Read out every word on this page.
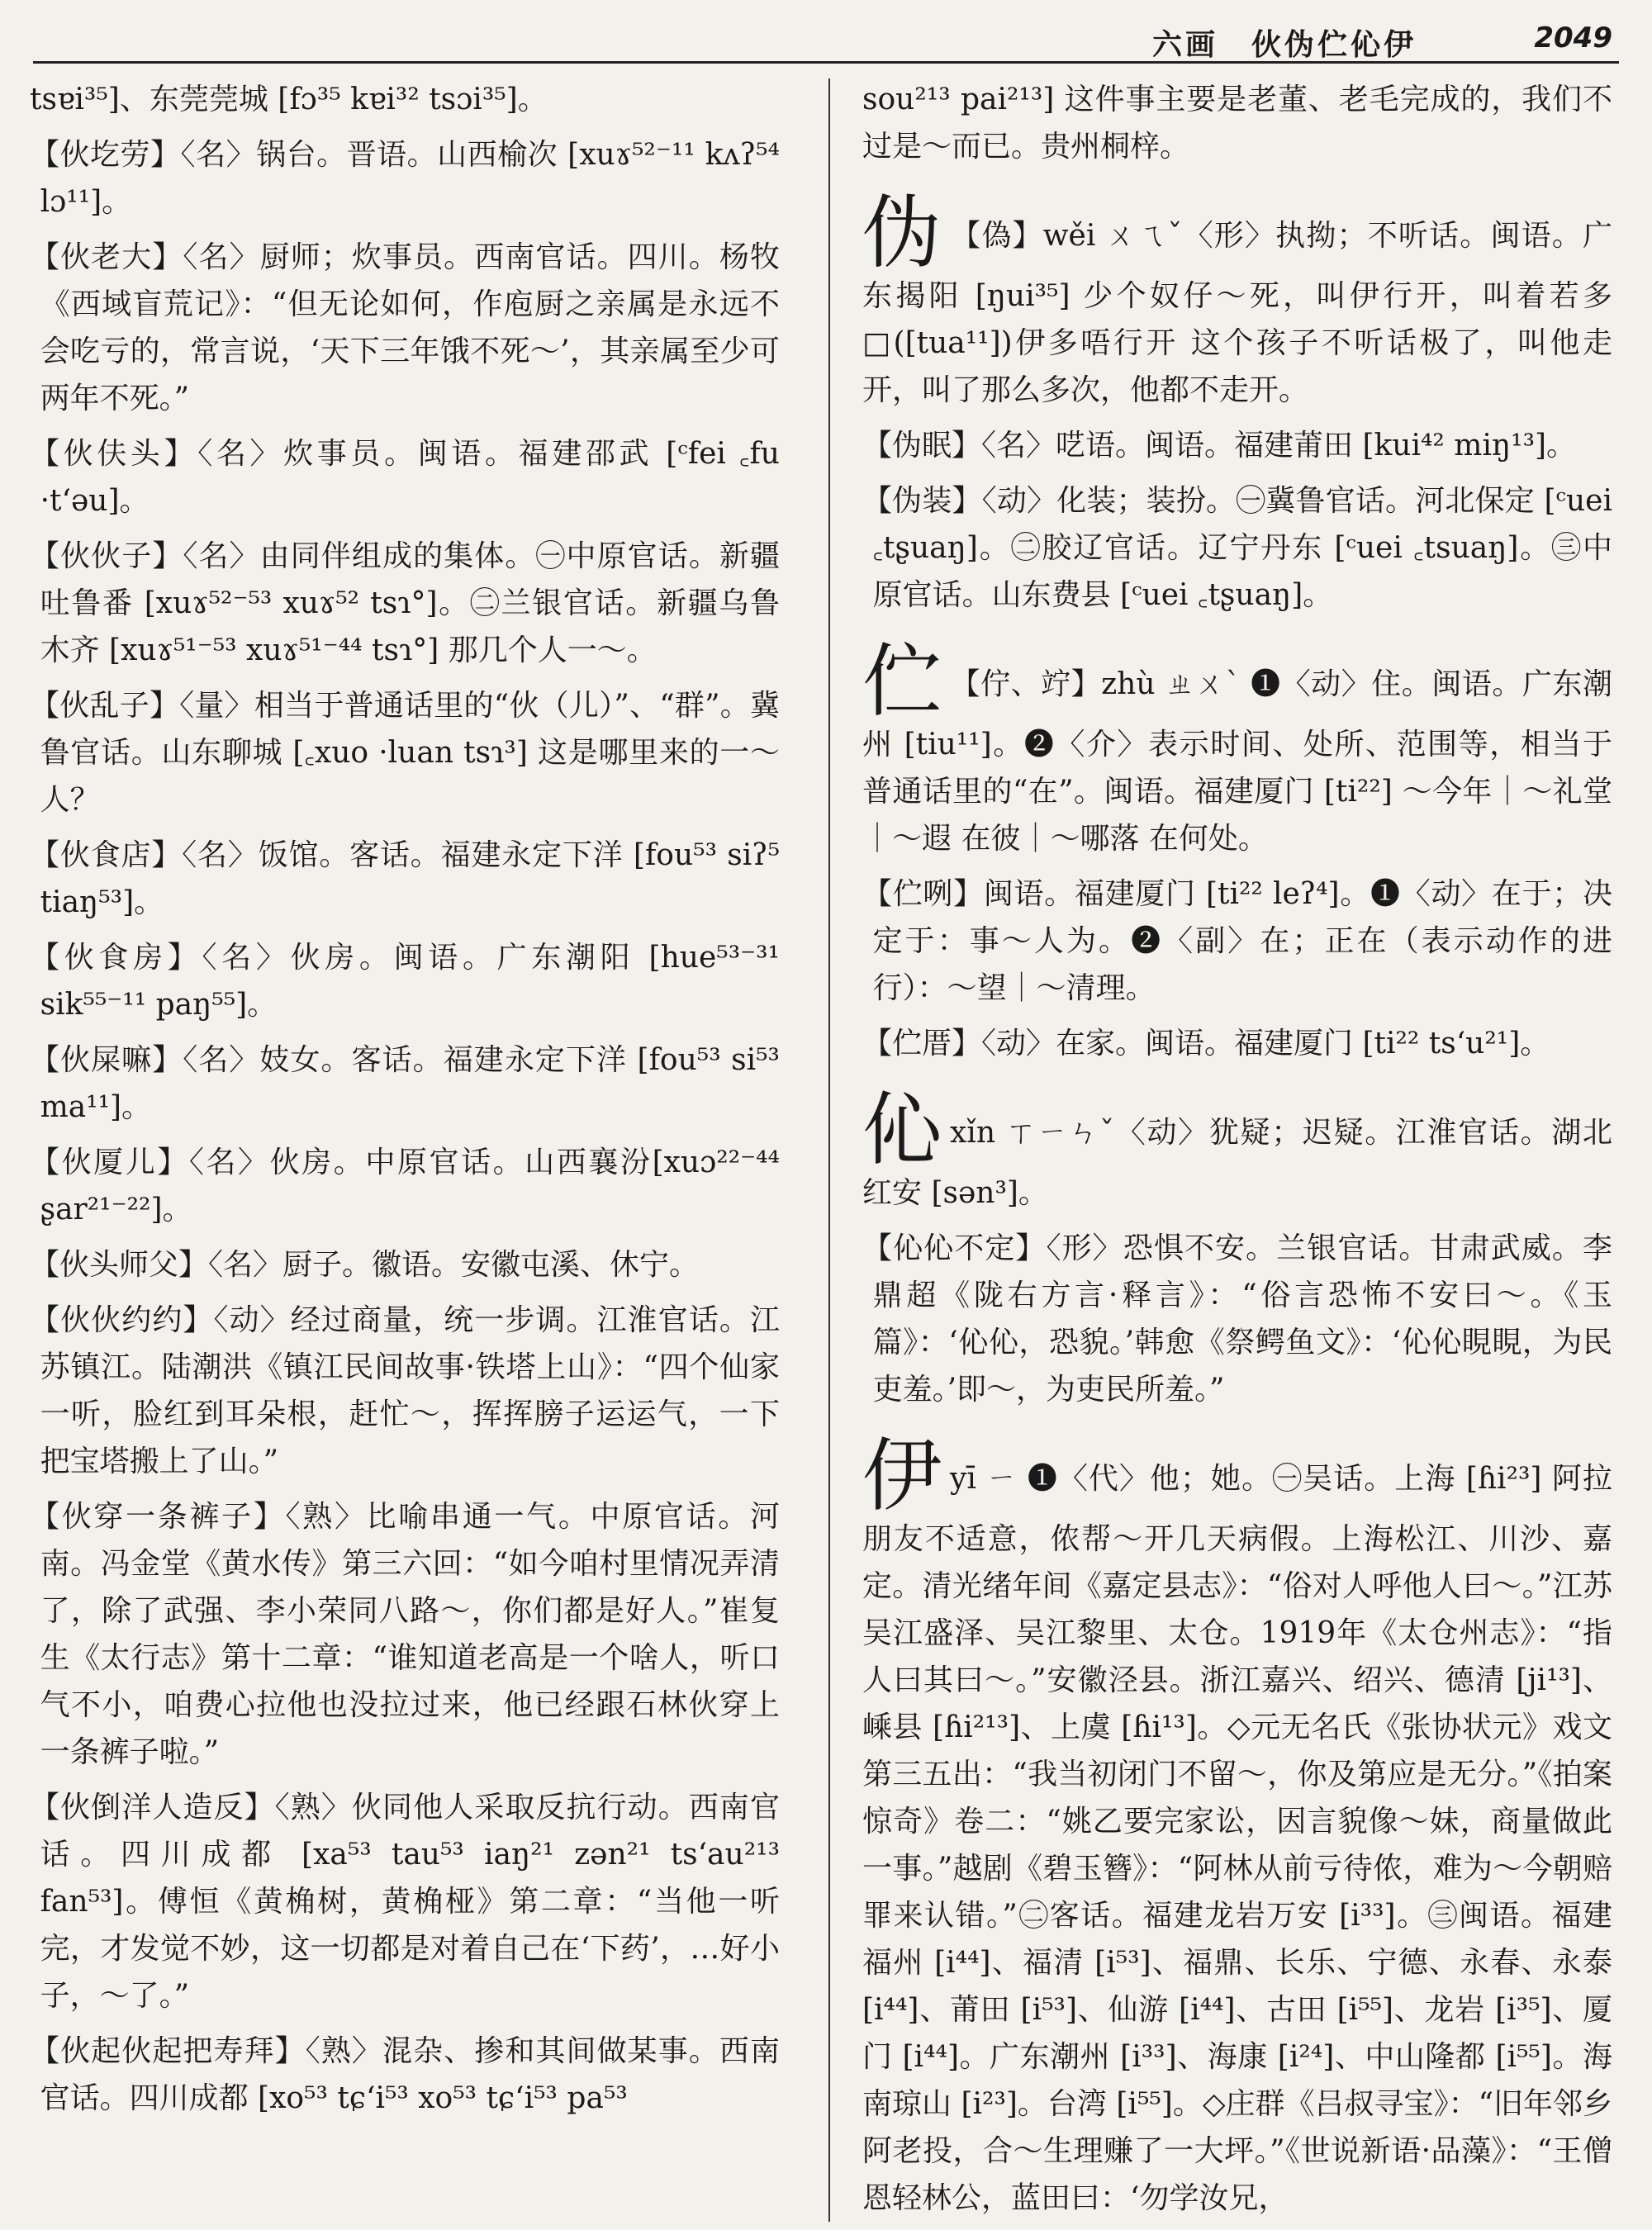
六画　伙伪伫伈伊	2049

tsɐi³⁵]、东莞莞城 [fɔ³⁵ kɐi³² tsɔi³⁵]。

【伙圪劳】〈名〉锅台。晋语。山西榆次 [xuɤ⁵²⁻¹¹ kʌʔ⁵⁴ lɔ¹¹]。

【伙老大】〈名〉厨师；炊事员。西南官话。四川。杨牧《西域盲荒记》：“但无论如何，作庖厨之亲属是永远不会吃亏的，常言说，‘天下三年饿不死～’，其亲属至少可两年不死。”

【伙伕头】〈名〉炊事员。闽语。福建邵武 [ᶜfei ꜀fu ·tʻəu]。

【伙伙子】〈名〉由同伴组成的集体。㊀中原官话。新疆吐鲁番 [xuɤ⁵²⁻⁵³ xuɤ⁵² tsɿ°]。㊁兰银官话。新疆乌鲁木齐 [xuɤ⁵¹⁻⁵³ xuɤ⁵¹⁻⁴⁴ tsɿ°] 那几个人一～。

【伙乱子】〈量〉相当于普通话里的“伙（儿）”、“群”。冀鲁官话。山东聊城 [꜀xuo ·luan tsɿ³] 这是哪里来的一～人？

【伙食店】〈名〉饭馆。客话。福建永定下洋 [fou⁵³ siʔ⁵ tiaŋ⁵³]。

【伙食房】〈名〉伙房。闽语。广东潮阳 [hue⁵³⁻³¹ sik⁵⁵⁻¹¹ paŋ⁵⁵]。

【伙屎嘛】〈名〉妓女。客话。福建永定下洋 [fou⁵³ si⁵³ ma¹¹]。

【伙厦儿】〈名〉伙房。中原官话。山西襄汾[xuɔ²²⁻⁴⁴ ʂar²¹⁻²²]。

【伙头师父】〈名〉厨子。徽语。安徽屯溪、休宁。

【伙伙约约】〈动〉经过商量，统一步调。江淮官话。江苏镇江。陆潮洪《镇江民间故事·铁塔上山》：“四个仙家一听，脸红到耳朵根，赶忙～，挥挥膀子运运气，一下把宝塔搬上了山。”

【伙穿一条裤子】〈熟〉比喻串通一气。中原官话。河南。冯金堂《黄水传》第三六回：“如今咱村里情况弄清了，除了武强、李小荣同八路～，你们都是好人。”崔复生《太行志》第十二章：“谁知道老高是一个啥人，听口气不小，咱费心拉他也没拉过来，他已经跟石林伙穿上一条裤子啦。”

【伙倒洋人造反】〈熟〉伙同他人采取反抗行动。西南官话。四川成都 [xa⁵³ tau⁵³ iaŋ²¹ zən²¹ tsʻau²¹³ fan⁵³]。傅恒《黄桷树，黄桷桠》第二章：“当他一听完，才发觉不妙，这一切都是对着自己在‘下药’，…好小子，～了。”

【伙起伙起把寿拜】〈熟〉混杂、掺和其间做某事。西南官话。四川成都 [xo⁵³ tɕʻi⁵³ xo⁵³ tɕʻi⁵³ pa⁵³

sou²¹³ pai²¹³] 这件事主要是老董、老毛完成的，我们不过是～而已。贵州桐梓。

伪 【偽】wěi ㄨㄟˇ〈形〉执拗；不听话。闽语。广东揭阳 [ŋui³⁵] 少个奴仔～死，叫伊行开，叫着若多□([tua¹¹])伊多唔行开 这个孩子不听话极了，叫他走开，叫了那么多次，他都不走开。

【伪眠】〈名〉呓语。闽语。福建莆田 [kui⁴² miŋ¹³]。

【伪装】〈动〉化装；装扮。㊀冀鲁官话。河北保定 [ᶜuei ꜀tʂuaŋ]。㊁胶辽官话。辽宁丹东 [ᶜuei ꜀tsuaŋ]。㊂中原官话。山东费县 [ᶜuei ꜀tʂuaŋ]。

伫 【佇、竚】zhù ㄓㄨˋ ❶〈动〉住。闽语。广东潮州 [tiu¹¹]。❷〈介〉表示时间、处所、范围等，相当于普通话里的“在”。闽语。福建厦门 [ti²²] ～今年｜～礼堂｜～遐 在彼｜～哪落 在何处。

【伫咧】闽语。福建厦门 [ti²² leʔ⁴]。❶〈动〉在于；决定于：事～人为。❷〈副〉在；正在（表示动作的进行）：～望｜～清理。

【伫厝】〈动〉在家。闽语。福建厦门 [ti²² tsʻu²¹]。

伈xǐn ㄒㄧㄣˇ〈动〉犹疑；迟疑。江淮官话。湖北红安 [sən³]。

【伈伈不定】〈形〉恐惧不安。兰银官话。甘肃武威。李鼎超《陇右方言·释言》：“俗言恐怖不安曰～。《玉篇》：‘伈伈，恐貌。’韩愈《祭鳄鱼文》：‘伈伈睍睍，为民吏羞。’即～，为吏民所羞。”

伊yī ㄧ ❶〈代〉他；她。㊀吴话。上海 [ɦi²³] 阿拉朋友不适意，侬帮～开几天病假。上海松江、川沙、嘉定。清光绪年间《嘉定县志》：“俗对人呼他人曰～。”江苏吴江盛泽、吴江黎里、太仓。1919年《太仓州志》：“指人曰其曰～。”安徽泾县。浙江嘉兴、绍兴、德清 [ji¹³]、嵊县 [ɦi²¹³]、上虞 [ɦi¹³]。◇元无名氏《张协状元》戏文第三五出：“我当初闭门不留～，你及第应是无分。”《拍案惊奇》卷二：“姚乙要完家讼，因言貌像～妹，商量做此一事。”越剧《碧玉簪》：“阿林从前亏待侬，难为～今朝赔罪来认错。”㊁客话。福建龙岩万安 [i³³]。㊂闽语。福建福州 [i⁴⁴]、福清 [i⁵³]、福鼎、长乐、宁德、永春、永泰 [i⁴⁴]、莆田 [i⁵³]、仙游 [i⁴⁴]、古田 [i⁵⁵]、龙岩 [i³⁵]、厦门 [i⁴⁴]。广东潮州 [i³³]、海康 [i²⁴]、中山隆都 [i⁵⁵]。海南琼山 [i²³]。台湾 [i⁵⁵]。◇庄群《吕叔寻宝》：“旧年邻乡阿老投，合～生理赚了一大坪。”《世说新语·品藻》：“王僧恩轻林公，蓝田曰：‘勿学汝兄，
